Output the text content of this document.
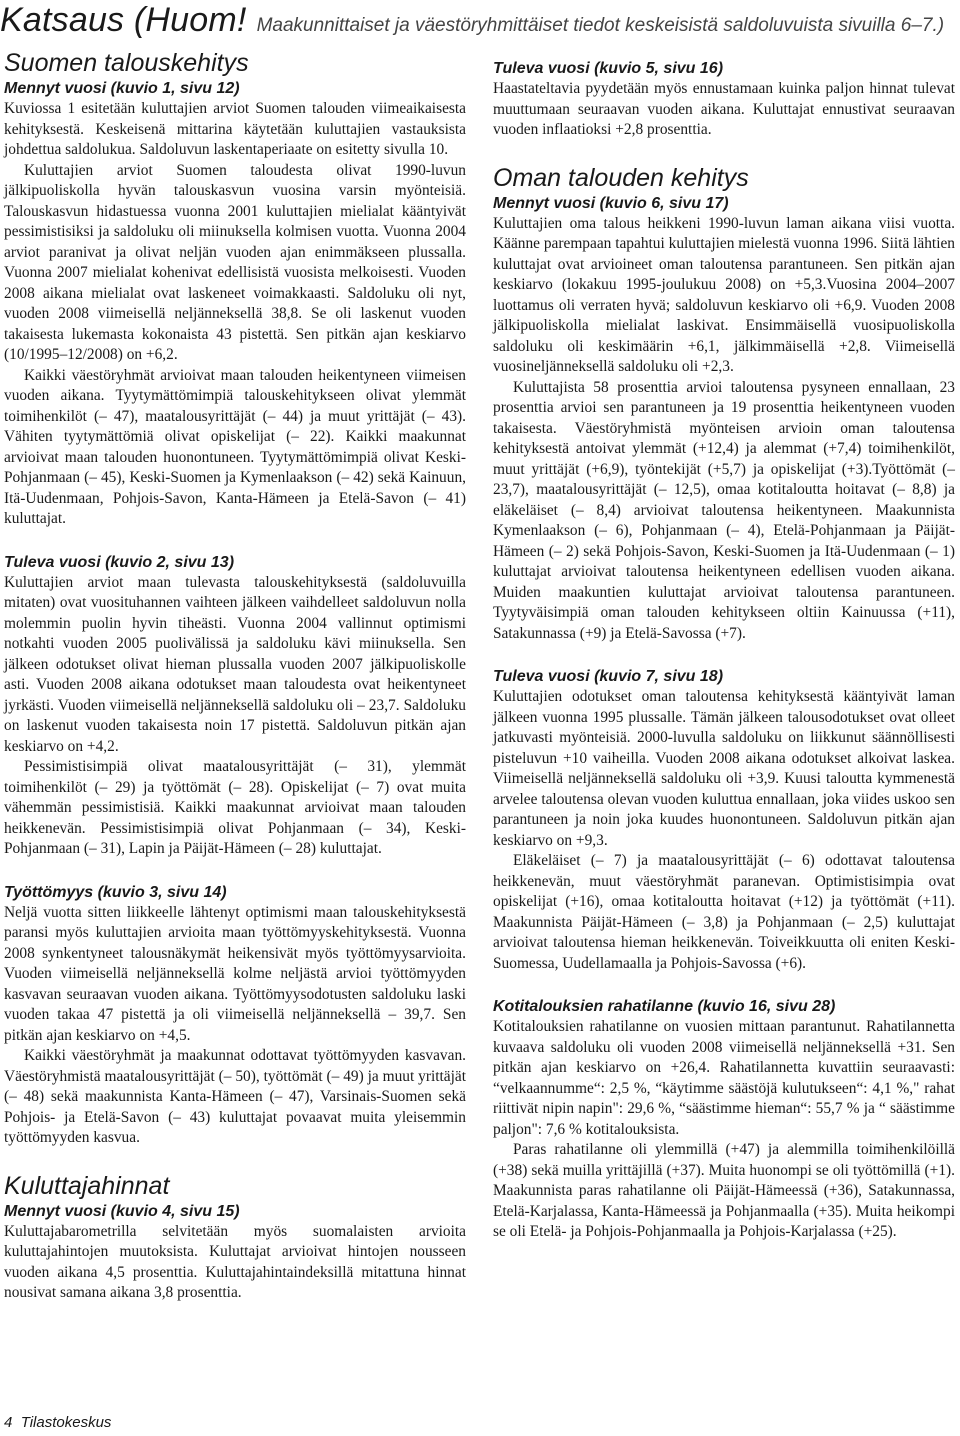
Katsaus (Huom! Maakunnittaiset ja väestöryhmittäiset tiedot keskeisistä saldoluvuista sivuilla 6–7.)
Suomen talouskehitys
Mennyt vuosi (kuvio 1, sivu 12)

Kuviossa 1 esitetään kuluttajien arviot Suomen talouden viimeaikaisesta kehityksestä. Keskeisenä mittarina käytetään kuluttajien vastauksista johdettua saldolukua. Saldoluvun laskentaperiaate on esitetty sivulla 10.

Kuluttajien arviot Suomen taloudesta olivat 1990-luvun jälkipuoliskolla hyvän talouskasvun vuosina varsin myönteisiä. Talouskasvun hidastuessa vuonna 2001 kuluttajien mielialat kääntyivät pessimistisiksi ja saldoluku oli miinuksella kolmisen vuotta. Vuonna 2004 arviot paranivat ja olivat neljän vuoden ajan enimmäkseen plussalla. Vuonna 2007 mielialat kohenivat edellisistä vuosista melkoisesti. Vuoden 2008 aikana mielialat ovat laskeneet voimakkaasti. Saldoluku oli nyt, vuoden 2008 viimeisellä neljänneksellä 38,8. Se oli laskenut vuoden takaisesta lukemasta kokonaista 43 pistettä. Sen pitkän ajan keskiarvo (10/1995–12/2008) on +6,2.

Kaikki väestöryhmät arvioivat maan talouden heikentyneen viimeisen vuoden aikana. Tyytymättömimpiä talouskehitykseen olivat ylemmät toimihenkilöt (– 47), maatalousyrittäjät (– 44) ja muut yrittäjät (– 43). Vähiten tyytymättömiä olivat opiskelijat (– 22). Kaikki maakunnat arvioivat maan talouden huonontuneen. Tyytymättömimpiä olivat Keski-Pohjanmaan (– 45), Keski-Suomen ja Kymenlaakson (– 42) sekä Kainuun, Itä-Uudenmaan, Pohjois-Savon, Kanta-Hämeen ja Etelä-Savon (– 41) kuluttajat.

Tuleva vuosi (kuvio 2, sivu 13)

Kuluttajien arviot maan tulevasta talouskehityksestä (saldoluvuilla mitaten) ovat vuosituhannen vaihteen jälkeen vaihdelleet saldoluvun nolla molemmin puolin hyvin tiheästi. Vuonna 2004 vallinnut optimismi notkahti vuoden 2005 puolivälissä ja saldoluku kävi miinuksella. Sen jälkeen odotukset olivat hieman plussalla vuoden 2007 jälkipuoliskolle asti. Vuoden 2008 aikana odotukset maan taloudesta ovat heikentyneet jyrkästi. Vuoden viimeisellä neljänneksellä saldoluku oli – 23,7. Saldoluku on laskenut vuoden takaisesta noin 17 pistettä. Saldoluvun pitkän ajan keskiarvo on +4,2.

Pessimistisimpiä olivat maatalousyrittäjät (– 31), ylemmät toimihenkilöt (– 29) ja työttömät (– 28). Opiskelijat (– 7) ovat muita vähemmän pessimistisiä. Kaikki maakunnat arvioivat maan talouden heikkenevän. Pessimistisimpiä olivat Pohjanmaan (– 34), Keski-Pohjanmaan (– 31), Lapin ja Päijät-Hämeen (– 28) kuluttajat.

Työttömyys (kuvio 3, sivu 14)

Neljä vuotta sitten liikkeelle lähtenyt optimismi maan talouskehityksestä paransi myös kuluttajien arvioita maan työttömyyskehityksestä. Vuonna 2008 synkentyneet talousnäkymät heikensivät myös työttömyysarvioita. Vuoden viimeisellä neljänneksellä kolme neljästä arvioi työttömyyden kasvavan seuraavan vuoden aikana. Työttömyysodotusten saldoluku laski vuoden takaa 47 pistettä ja oli viimeisellä neljänneksellä – 39,7. Sen pitkän ajan keskiarvo on +4,5.

Kaikki väestöryhmät ja maakunnat odottavat työttömyyden kasvavan. Väestöryhmistä maatalousyrittäjät (– 50), työttömät (– 49) ja muut yrittäjät (– 48) sekä maakunnista Kanta-Hämeen (– 47), Varsinais-Suomen sekä Pohjois- ja Etelä-Savon (– 43) kuluttajat povaavat muita yleisemmin työttömyyden kasvua.

Kuluttajahinnat
Mennyt vuosi (kuvio 4, sivu 15)

Kuluttajabarometrilla selvitetään myös suomalaisten arvioita kuluttajahintojen muutoksista. Kuluttajat arvioivat hintojen nousseen vuoden aikana 4,5 prosenttia. Kuluttajahintaindeksillä mitattuna hinnat nousivat samana aikana 3,8 prosenttia.

Tuleva vuosi (kuvio 5, sivu 16)

Haastateltavia pyydetään myös ennustamaan kuinka paljon hinnat tulevat muuttumaan seuraavan vuoden aikana. Kuluttajat ennustivat seuraavan vuoden inflaatioksi +2,8 prosenttia.

Oman talouden kehitys
Mennyt vuosi (kuvio 6, sivu 17)

Kuluttajien oma talous heikkeni 1990-luvun laman aikana viisi vuotta. Käänne parempaan tapahtui kuluttajien mielestä vuonna 1996. Siitä lähtien kuluttajat ovat arvioineet oman taloutensa parantuneen. Sen pitkän ajan keskiarvo (lokakuu 1995-joulukuu 2008) on +5,3.Vuosina 2004–2007 luottamus oli verraten hyvä; saldoluvun keskiarvo oli +6,9. Vuoden 2008 jälkipuoliskolla mielialat laskivat. Ensimmäisellä vuosipuoliskolla saldoluku oli keskimäärin +6,1, jälkimmäisellä +2,8. Viimeisellä vuosineljänneksellä saldoluku oli +2,3.

Kuluttajista 58 prosenttia arvioi taloutensa pysyneen ennallaan, 23 prosenttia arvioi sen parantuneen ja 19 prosenttia heikentyneen vuoden takaisesta. Väestöryhmistä myönteisen arvioin oman taloutensa kehityksestä antoivat ylemmät (+12,4) ja alemmat (+7,4) toimihenkilöt, muut yrittäjät (+6,9), työntekijät (+5,7) ja opiskelijat (+3).Työttömät (– 23,7), maatalousyrittäjät (– 12,5), omaa kotitaloutta hoitavat (– 8,8) ja eläkeläiset (– 8,4) arvioivat taloutensa heikentyneen. Maakunnista Kymenlaakson (– 6), Pohjanmaan (– 4), Etelä-Pohjanmaan ja Päijät-Hämeen (– 2) sekä Pohjois-Savon, Keski-Suomen ja Itä-Uudenmaan (– 1) kuluttajat arvioivat taloutensa heikentyneen edellisen vuoden aikana. Muiden maakuntien kuluttajat arvioivat taloutensa parantuneen. Tyytyväisimpiä oman talouden kehitykseen oltiin Kainuussa (+11), Satakunnassa (+9) ja Etelä-Savossa (+7).

Tuleva vuosi (kuvio 7, sivu 18)

Kuluttajien odotukset oman taloutensa kehityksestä kääntyivät laman jälkeen vuonna 1995 plussalle. Tämän jälkeen talousodotukset ovat olleet jatkuvasti myönteisiä. 2000-luvulla saldoluku on liikkunut säännöllisesti pisteluvun +10 vaiheilla. Vuoden 2008 aikana odotukset alkoivat laskea. Viimeisellä neljänneksellä saldoluku oli +3,9. Kuusi taloutta kymmenestä arvelee taloutensa olevan vuoden kuluttua ennallaan, joka viides uskoo sen parantuneen ja noin joka kuudes huonontuneen. Saldoluvun pitkän ajan keskiarvo on +9,3.

Eläkeläiset (– 7) ja maatalousyrittäjät (– 6) odottavat taloutensa heikkenevän, muut väestöryhmät paranevan. Optimistisimpia ovat opiskelijat (+16), omaa kotitaloutta hoitavat (+12) ja työttömät (+11). Maakunnista Päijät-Hämeen (– 3,8) ja Pohjanmaan (– 2,5) kuluttajat arvioivat taloutensa hieman heikkenevän. Toiveikkuutta oli eniten Keski-Suomessa, Uudellamaalla ja Pohjois-Savossa (+6).

Kotitalouksien rahatilanne (kuvio 16, sivu 28)

Kotitalouksien rahatilanne on vuosien mittaan parantunut. Rahatilannetta kuvaava saldoluku oli vuoden 2008 viimeisellä neljänneksellä +31. Sen pitkän ajan keskiarvo on +26,4. Rahatilannetta kuvattiin seuraavasti: “velkaannumme“: 2,5 %, “käytimme säästöjä kulutukseen“: 4,1 %," rahat riittivät nipin napin": 29,6 %, “säästimme hieman“: 55,7 % ja “ säästimme paljon": 7,6 % kotitalouksista.

Paras rahatilanne oli ylemmillä (+47) ja alemmilla toimihenkilöillä (+38) sekä muilla yrittäjillä (+37). Muita huonompi se oli työttömillä (+1). Maakunnista paras rahatilanne oli Päijät-Hämeessä (+36), Satakunnassa, Etelä-Karjalassa, Kanta-Hämeessä ja Pohjanmaalla (+35). Muita heikompi se oli Etelä- ja Pohjois-Pohjanmaalla ja Pohjois-Karjalassa (+25).

4 Tilastokeskus
